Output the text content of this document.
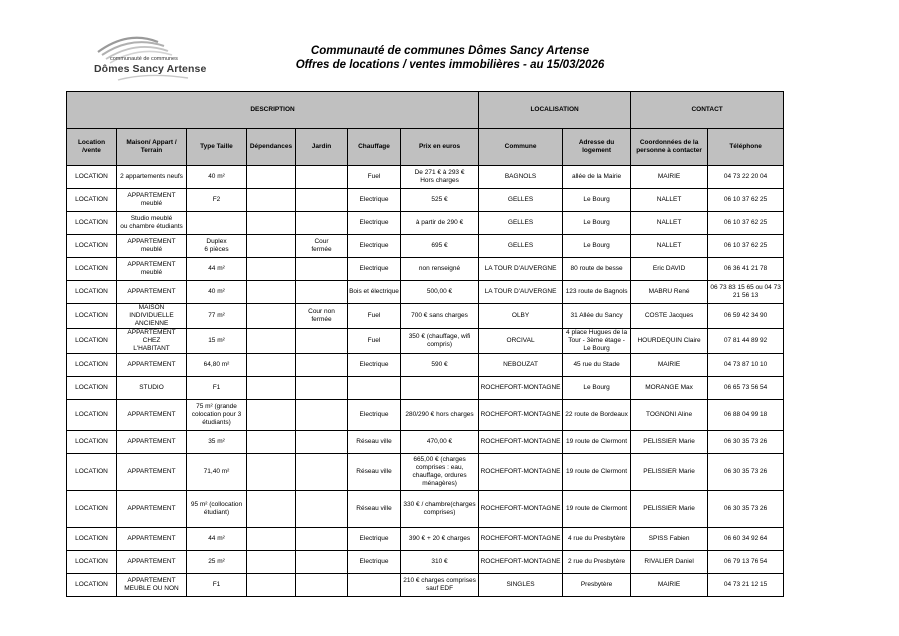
communauté de communes
Dômes Sancy Artense
Communauté de communes Dômes Sancy Artense
Offres de locations / ventes immobilières - au 15/03/2026
DESCRIPTION							LOCALISATION		CONTACT	
Location /vente	Maison/ Appart /
Terrain	Type Taille	Dépendances	Jardin	Chauffage	Prix en euros	Commune	Adresse du logement	Coordonnées de la
personne à contacter	Téléphone
LOCATION	2 appartements neufs	40 m²			Fuel	De 271 € à 293 €
Hors charges	BAGNOLS	allée de la Mairie	MAIRIE	04 73 22 20 04
LOCATION	APPARTEMENT
meublé	F2			Electrique	525 €	GELLES	Le Bourg	NALLET	06 10 37 62 25
LOCATION	Studio meublé
ou chambre étudiants				Electrique	à partir de 290 €	GELLES	Le Bourg	NALLET	06 10 37 62 25
LOCATION	APPARTEMENT
meublé	Duplex
6 pièces		Cour
fermée	Electrique	695 €	GELLES	Le Bourg	NALLET	06 10 37 62 25
LOCATION	APPARTEMENT
meublé	44 m²			Electrique	non renseigné	LA TOUR D'AUVERGNE	80 route de besse	Eric DAVID	06 36 41 21 78
LOCATION	APPARTEMENT	40 m²			Bois et électrique	500,00 €	LA TOUR D'AUVERGNE	123 route de Bagnols	MABRU René	06 73 83 15 65 ou 04 73
21 56 13
LOCATION	MAISON
INDIVIDUELLE
ANCIENNE	77 m²		Cour non
fermée	Fuel	700 € sans charges	OLBY	31 Allée du Sancy	COSTE Jacques	06 59 42 34 90
LOCATION	APPARTEMENT CHEZ
L'HABITANT	15 m²			Fuel	350 € (chauffage, wifi
compris)	ORCIVAL	4 place Hugues de la
Tour - 3ème étage -
Le Bourg	HOURDEQUIN Claire	07 81 44 89 92
LOCATION	APPARTEMENT	64,80 m²			Electrique	590 €	NEBOUZAT	45 rue du Stade	MAIRIE	04 73 87 10 10
LOCATION	STUDIO	F1					ROCHEFORT-MONTAGNE	Le Bourg	MORANGE Max	06 65 73 56 54
LOCATION	APPARTEMENT	75 m² (grande
colocation pour 3
étudiants)			Electrique	280/290 € hors charges	ROCHEFORT-MONTAGNE	22 route de Bordeaux	TOGNONI Aline	06 88 04 99 18
LOCATION	APPARTEMENT	35 m²			Réseau ville	470,00 €	ROCHEFORT-MONTAGNE	19 route de Clermont	PELISSIER Marie	06 30 35 73 26
LOCATION	APPARTEMENT	71,40 m²			Réseau ville	665,00 € (charges
comprises : eau,
chauffage, ordures
ménagères)	ROCHEFORT-MONTAGNE	19 route de Clermont	PELISSIER Marie	06 30 35 73 26
LOCATION	APPARTEMENT	95 m² (collocation
étudiant)			Réseau ville	330 € / chambre(charges
comprises)	ROCHEFORT-MONTAGNE	19 route de Clermont	PELISSIER Marie	06 30 35 73 26
LOCATION	APPARTEMENT	44 m²			Electrique	390 € + 20 € charges	ROCHEFORT-MONTAGNE	4 rue du Presbytère	SPISS Fabien	06 60 34 92 64
LOCATION	APPARTEMENT	25 m²			Electrique	310 €	ROCHEFORT-MONTAGNE	2 rue du Presbytère	RIVALIER Daniel	06 79 13 76 54
LOCATION	APPARTEMENT
MEUBLE OU NON	F1				210 € charges comprises
sauf EDF	SINGLES	Presbytère	MAIRIE	04 73 21 12 15
